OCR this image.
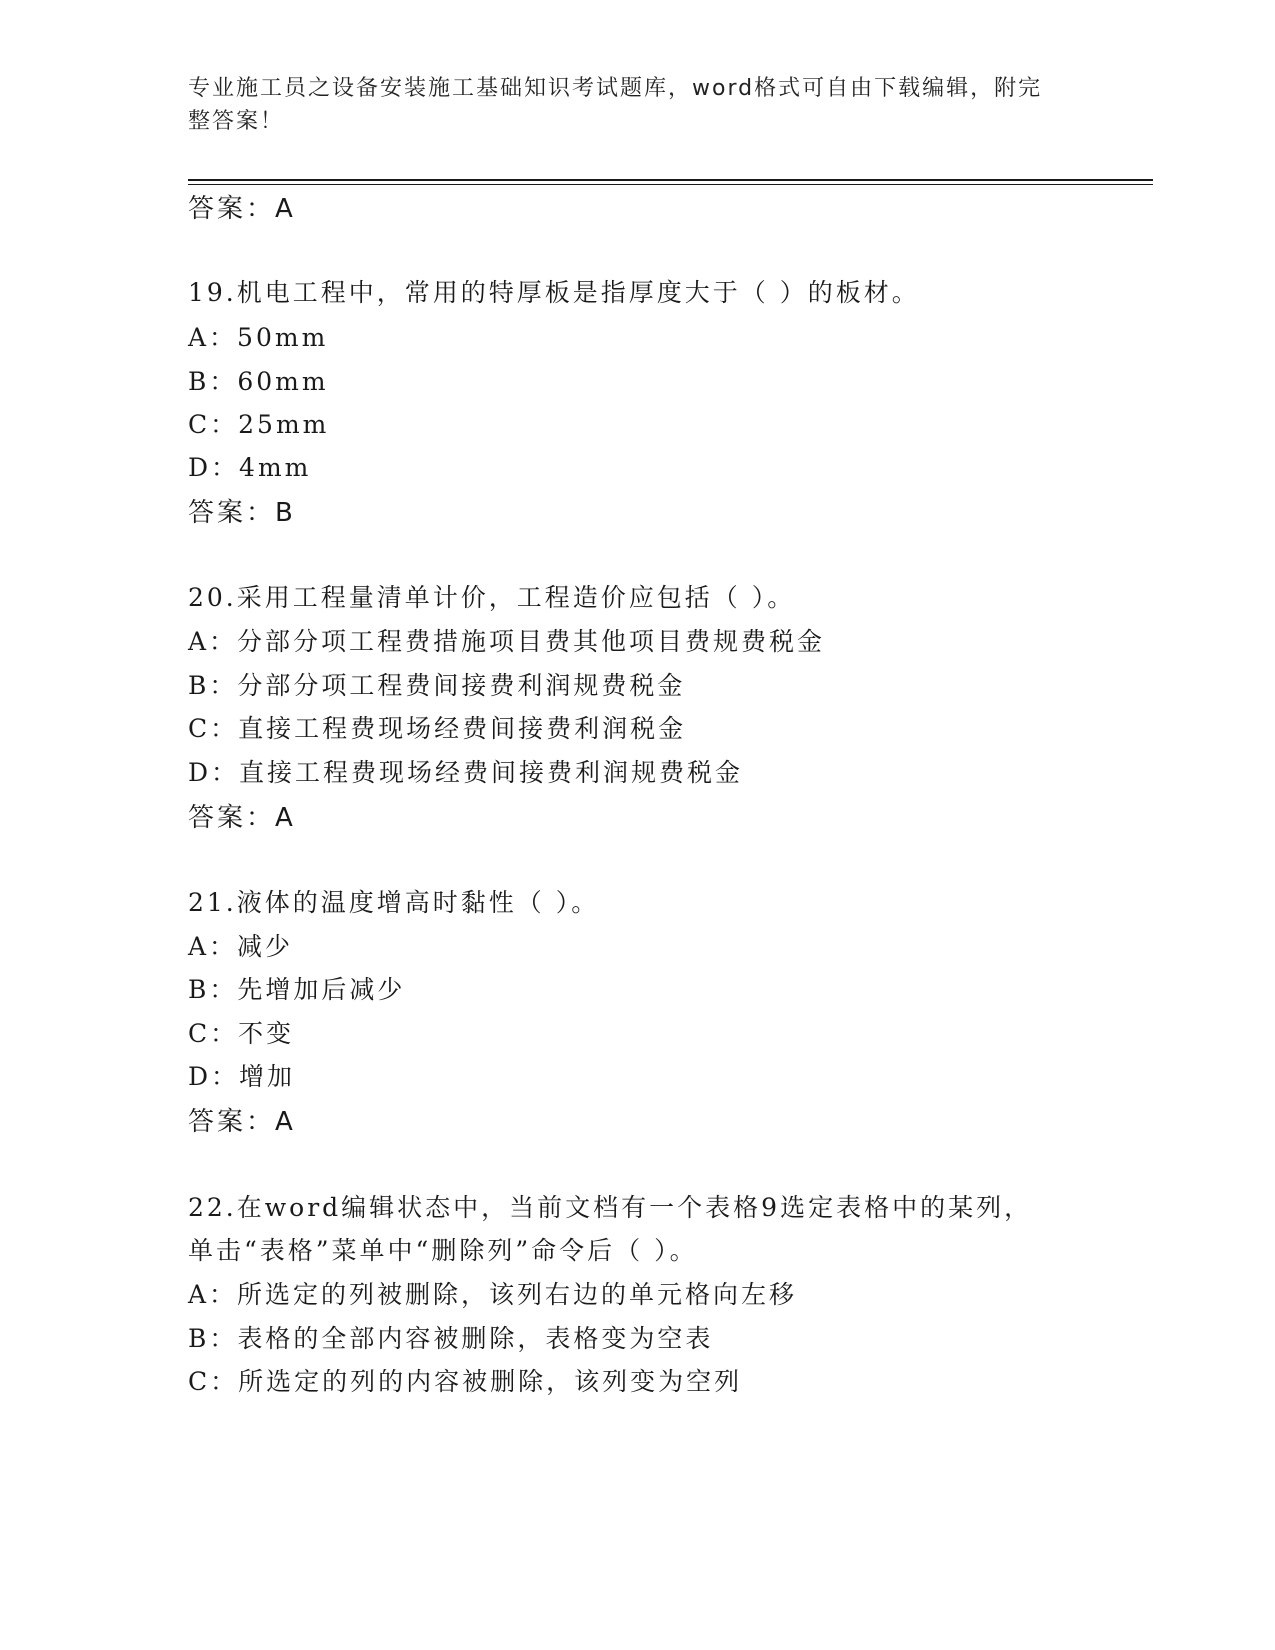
专业施工员之设备安装施工基础知识考试题库，word格式可自由下载编辑，附完
整答案！
答案：A
19.机电工程中，常用的特厚板是指厚度大于（ ）的板材。
A：50mm
B：60mm
C：25mm
D：4mm
答案：B
20.采用工程量清单计价，工程造价应包括（ ）。
A：分部分项工程费措施项目费其他项目费规费税金
B：分部分项工程费间接费利润规费税金
C：直接工程费现场经费间接费利润税金
D：直接工程费现场经费间接费利润规费税金
答案：A
21.液体的温度增高时黏性（ ）。
A：减少
B：先增加后减少
C：不变
D：增加
答案：A
22.在word编辑状态中，当前文档有一个表格9选定表格中的某列，
单击“表格”菜单中“删除列”命令后（ ）。
A：所选定的列被删除，该列右边的单元格向左移
B：表格的全部内容被删除，表格变为空表
C：所选定的列的内容被删除，该列变为空列
